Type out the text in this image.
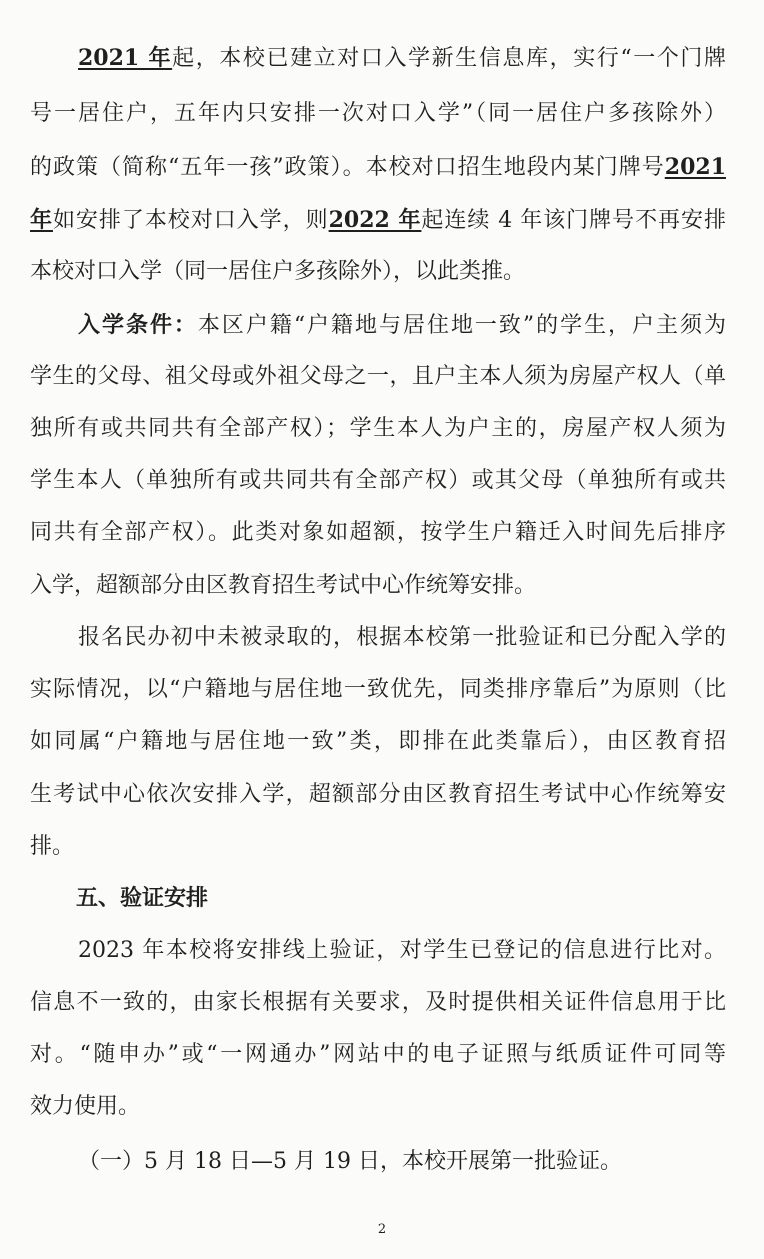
2021 年起，本校已建立对口入学新生信息库，实行“一个门牌
号一居住户，五年内只安排一次对口入学”（同一居住户多孩除外）
的政策（简称“五年一孩”政策）。本校对口招生地段内某门牌号2021
年如安排了本校对口入学，则2022 年起连续 4 年该门牌号不再安排
本校对口入学（同一居住户多孩除外），以此类推。
入学条件：本区户籍“户籍地与居住地一致”的学生，户主须为
学生的父母、祖父母或外祖父母之一，且户主本人须为房屋产权人（单
独所有或共同共有全部产权）；学生本人为户主的，房屋产权人须为
学生本人（单独所有或共同共有全部产权）或其父母（单独所有或共
同共有全部产权）。此类对象如超额，按学生户籍迁入时间先后排序
入学，超额部分由区教育招生考试中心作统筹安排。
报名民办初中未被录取的，根据本校第一批验证和已分配入学的
实际情况，以“户籍地与居住地一致优先，同类排序靠后”为原则（比
如同属“户籍地与居住地一致”类，即排在此类靠后），由区教育招
生考试中心依次安排入学，超额部分由区教育招生考试中心作统筹安
排。
五、验证安排
2023 年本校将安排线上验证，对学生已登记的信息进行比对。
信息不一致的，由家长根据有关要求，及时提供相关证件信息用于比
对。“随申办”或“一网通办”网站中的电子证照与纸质证件可同等
效力使用。
（一）5 月 18 日—5 月 19 日，本校开展第一批验证。
2
